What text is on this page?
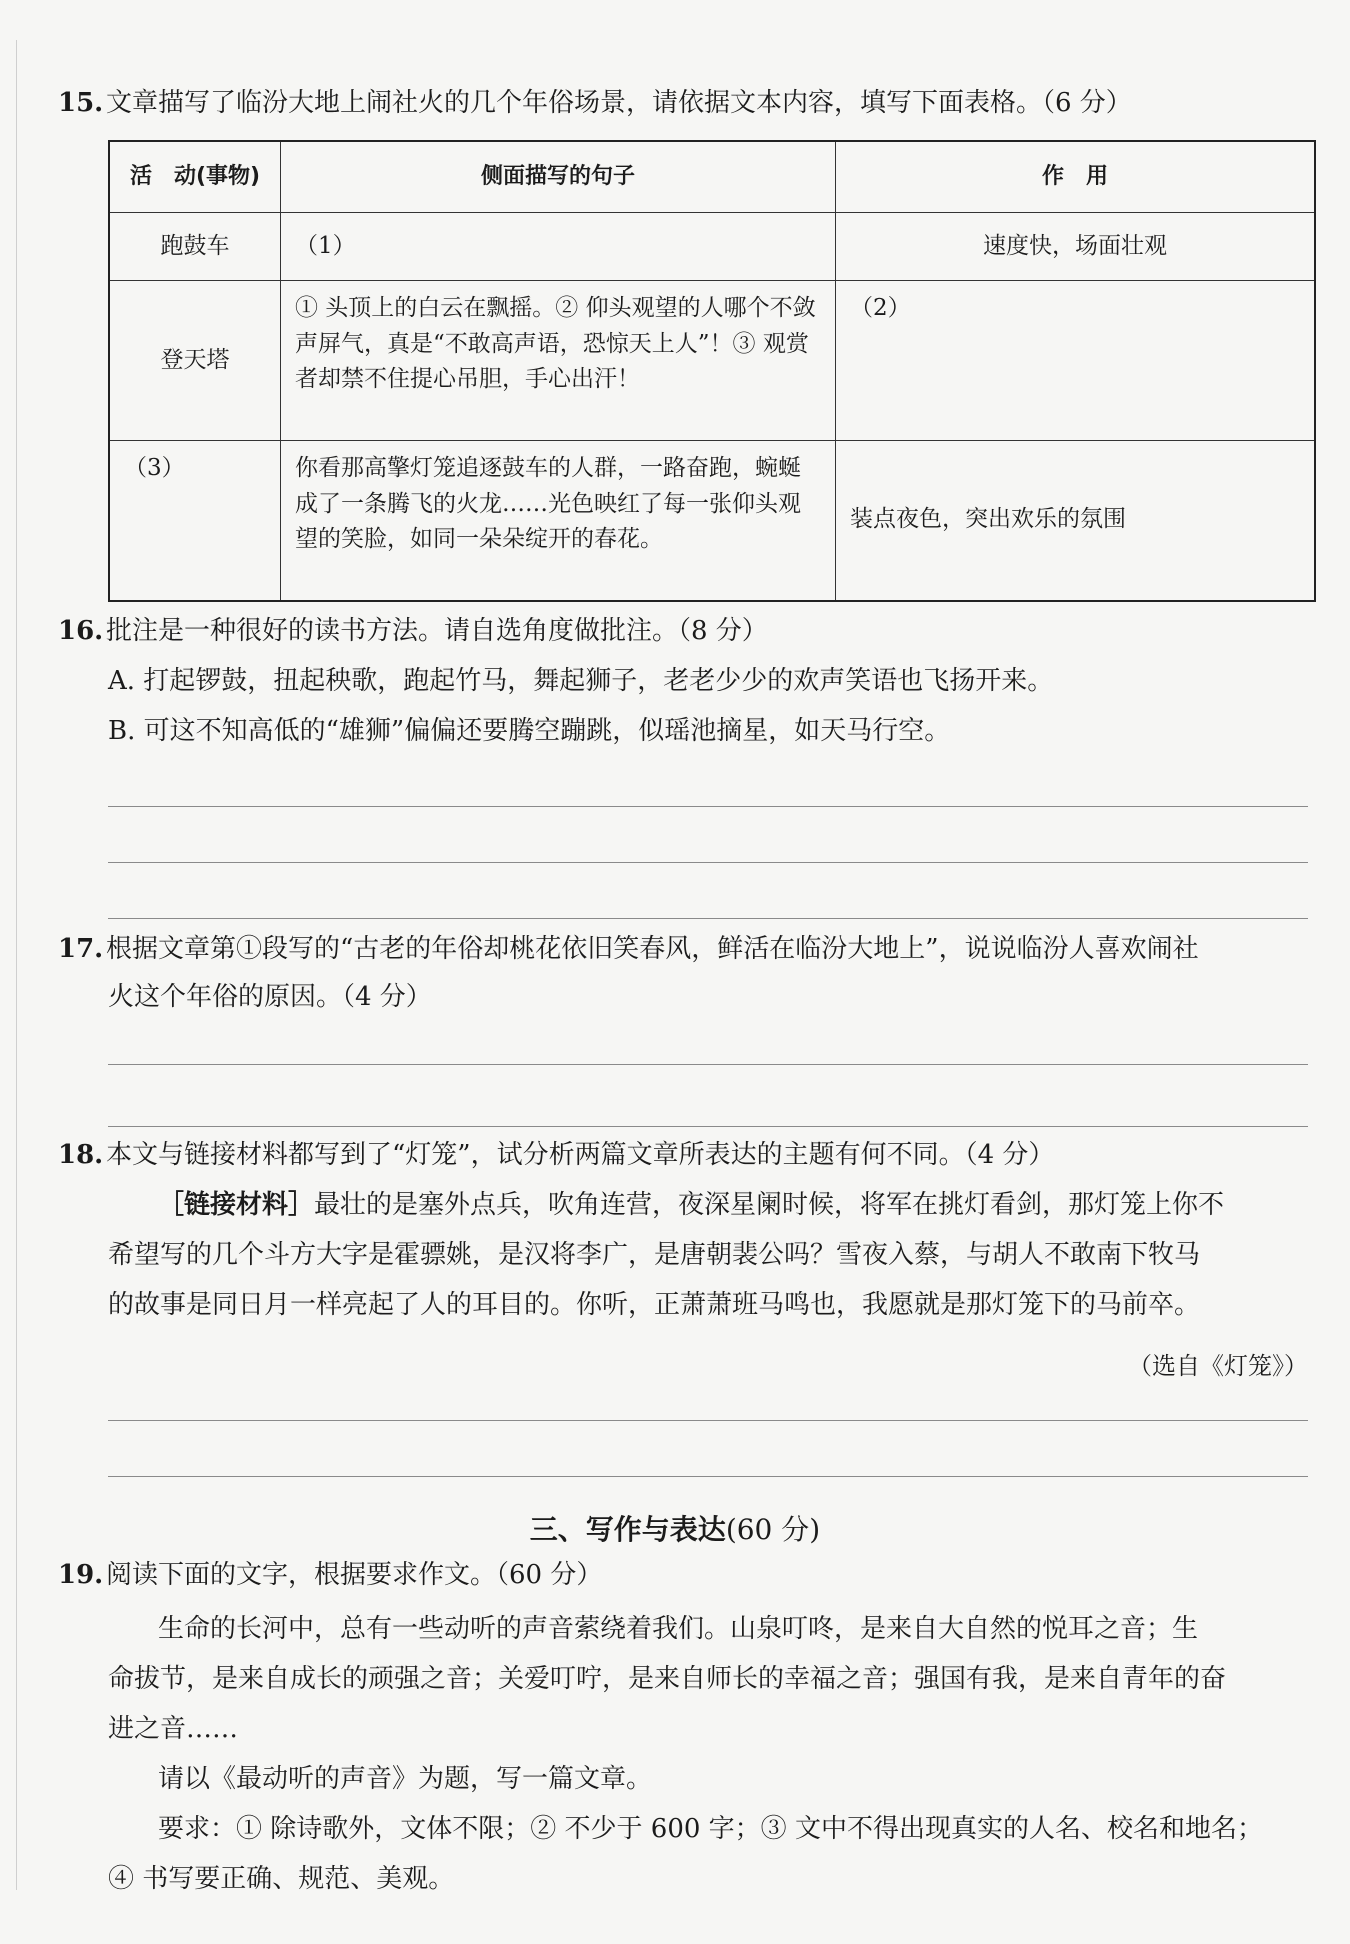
15. 文章描写了临汾大地上闹社火的几个年俗场景，请依据文本内容，填写下面表格。（6 分）
活　动(事物)	侧面描写的句子	作　用
跑鼓车	（1）	速度快，场面壮观
登天塔	① 头顶上的白云在飘摇。② 仰头观望的人哪个不敛声屏气，真是“不敢高声语，恐惊天上人”！③ 观赏者却禁不住提心吊胆，手心出汗！	（2）
（3）	你看那高擎灯笼追逐鼓车的人群，一路奋跑，蜿蜒成了一条腾飞的火龙……光色映红了每一张仰头观望的笑脸，如同一朵朵绽开的春花。	装点夜色，突出欢乐的氛围
16. 批注是一种很好的读书方法。请自选角度做批注。（8 分）
A. 打起锣鼓，扭起秧歌，跑起竹马，舞起狮子，老老少少的欢声笑语也飞扬开来。
B. 可这不知高低的“雄狮”偏偏还要腾空蹦跳，似瑶池摘星，如天马行空。
17. 根据文章第①段写的“古老的年俗却桃花依旧笑春风，鲜活在临汾大地上”，说说临汾人喜欢闹社
火这个年俗的原因。（4 分）
18. 本文与链接材料都写到了“灯笼”，试分析两篇文章所表达的主题有何不同。（4 分）
［链接材料］最壮的是塞外点兵，吹角连营，夜深星阑时候，将军在挑灯看剑，那灯笼上你不
希望写的几个斗方大字是霍骠姚，是汉将李广，是唐朝裴公吗？雪夜入蔡，与胡人不敢南下牧马
的故事是同日月一样亮起了人的耳目的。你听，正萧萧班马鸣也，我愿就是那灯笼下的马前卒。
（选自《灯笼》）
三、写作与表达(60 分)
19. 阅读下面的文字，根据要求作文。（60 分）
生命的长河中，总有一些动听的声音萦绕着我们。山泉叮咚，是来自大自然的悦耳之音；生
命拔节，是来自成长的顽强之音；关爱叮咛，是来自师长的幸福之音；强国有我，是来自青年的奋
进之音……
请以《最动听的声音》为题，写一篇文章。
要求：① 除诗歌外，文体不限；② 不少于 600 字；③ 文中不得出现真实的人名、校名和地名；
④ 书写要正确、规范、美观。
